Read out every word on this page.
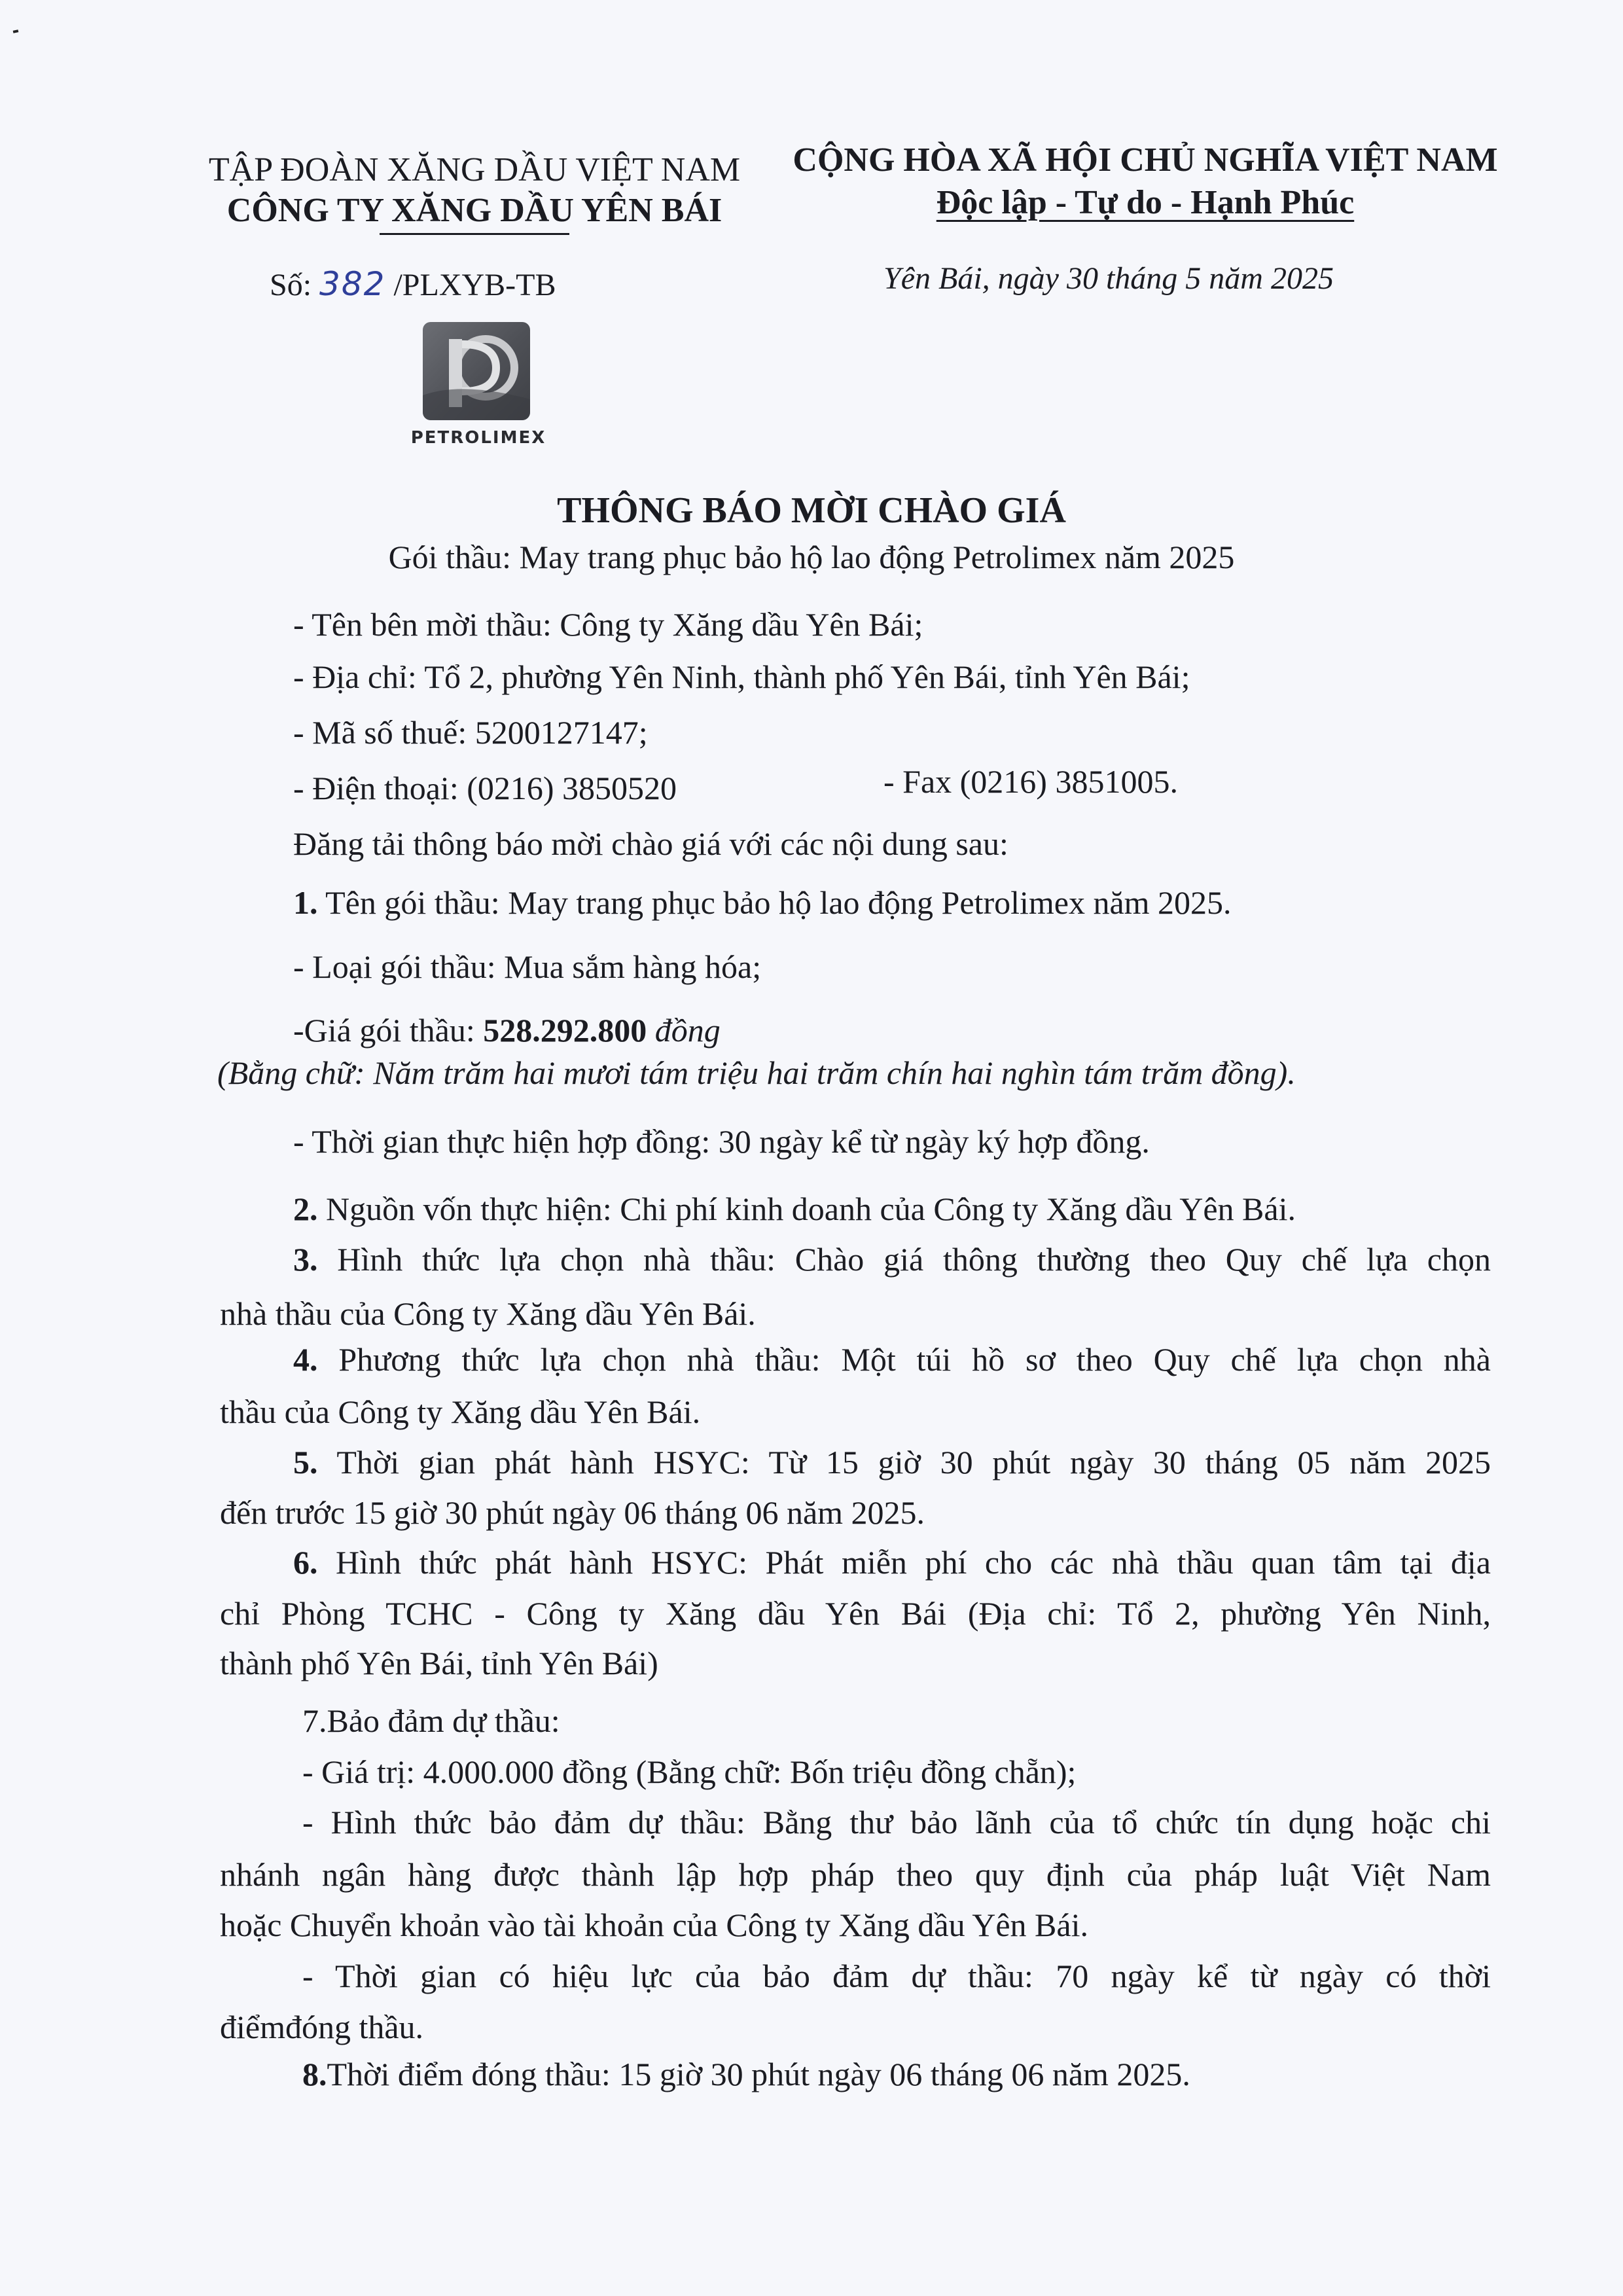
TẬP ĐOÀN XĂNG DẦU VIỆT NAM
CÔNG TY XĂNG DẦU YÊN BÁI
CỘNG HÒA XÃ HỘI CHỦ NGHĨA VIỆT NAM
Độc lập - Tự do - Hạnh Phúc
Số: 382 /PLXYB-TB	Yên Bái, ngày 30 tháng 5 năm 2025
PETROLIMEX
THÔNG BÁO MỜI CHÀO GIÁ
Gói thầu: May trang phục bảo hộ lao động Petrolimex năm 2025
- Tên bên mời thầu: Công ty Xăng dầu Yên Bái;
- Địa chỉ: Tổ 2, phường Yên Ninh, thành phố Yên Bái, tỉnh Yên Bái;
- Mã số thuế: 5200127147;
- Điện thoại: (0216) 3850520	- Fax (0216) 3851005.
Đăng tải thông báo mời chào giá với các nội dung sau:
1. Tên gói thầu: May trang phục bảo hộ lao động Petrolimex năm 2025.
- Loại gói thầu: Mua sắm hàng hóa;
-Giá gói thầu: 528.292.800 đồng
(Bằng chữ: Năm trăm hai mươi tám triệu hai trăm chín hai nghìn tám trăm đồng).
- Thời gian thực hiện hợp đồng: 30 ngày kể từ ngày ký hợp đồng.
2. Nguồn vốn thực hiện: Chi phí kinh doanh của Công ty Xăng dầu Yên Bái.
3. Hình thức lựa chọn nhà thầu: Chào giá thông thường theo Quy chế lựa chọn
nhà thầu của Công ty Xăng dầu Yên Bái.
4. Phương thức lựa chọn nhà thầu: Một túi hồ sơ theo Quy chế lựa chọn nhà
thầu của Công ty Xăng dầu Yên Bái.
5. Thời gian phát hành HSYC: Từ 15 giờ 30 phút ngày 30 tháng 05 năm 2025
đến trước 15 giờ 30 phút ngày 06 tháng 06 năm 2025.
6. Hình thức phát hành HSYC: Phát miễn phí cho các nhà thầu quan tâm tại địa
chỉ Phòng TCHC - Công ty Xăng dầu Yên Bái (Địa chỉ: Tổ 2, phường Yên Ninh,
thành phố Yên Bái, tỉnh Yên Bái)
7.Bảo đảm dự thầu:
- Giá trị: 4.000.000 đồng (Bằng chữ: Bốn triệu đồng chẵn);
- Hình thức bảo đảm dự thầu: Bằng thư bảo lãnh của tổ chức tín dụng hoặc chi
nhánh ngân hàng được thành lập hợp pháp theo quy định của pháp luật Việt Nam
hoặc Chuyển khoản vào tài khoản của Công ty Xăng dầu Yên Bái.
- Thời gian có hiệu lực của bảo đảm dự thầu: 70 ngày kể từ ngày có thời
điểmđóng thầu.
8.Thời điểm đóng thầu: 15 giờ 30 phút ngày 06 tháng 06 năm 2025.
